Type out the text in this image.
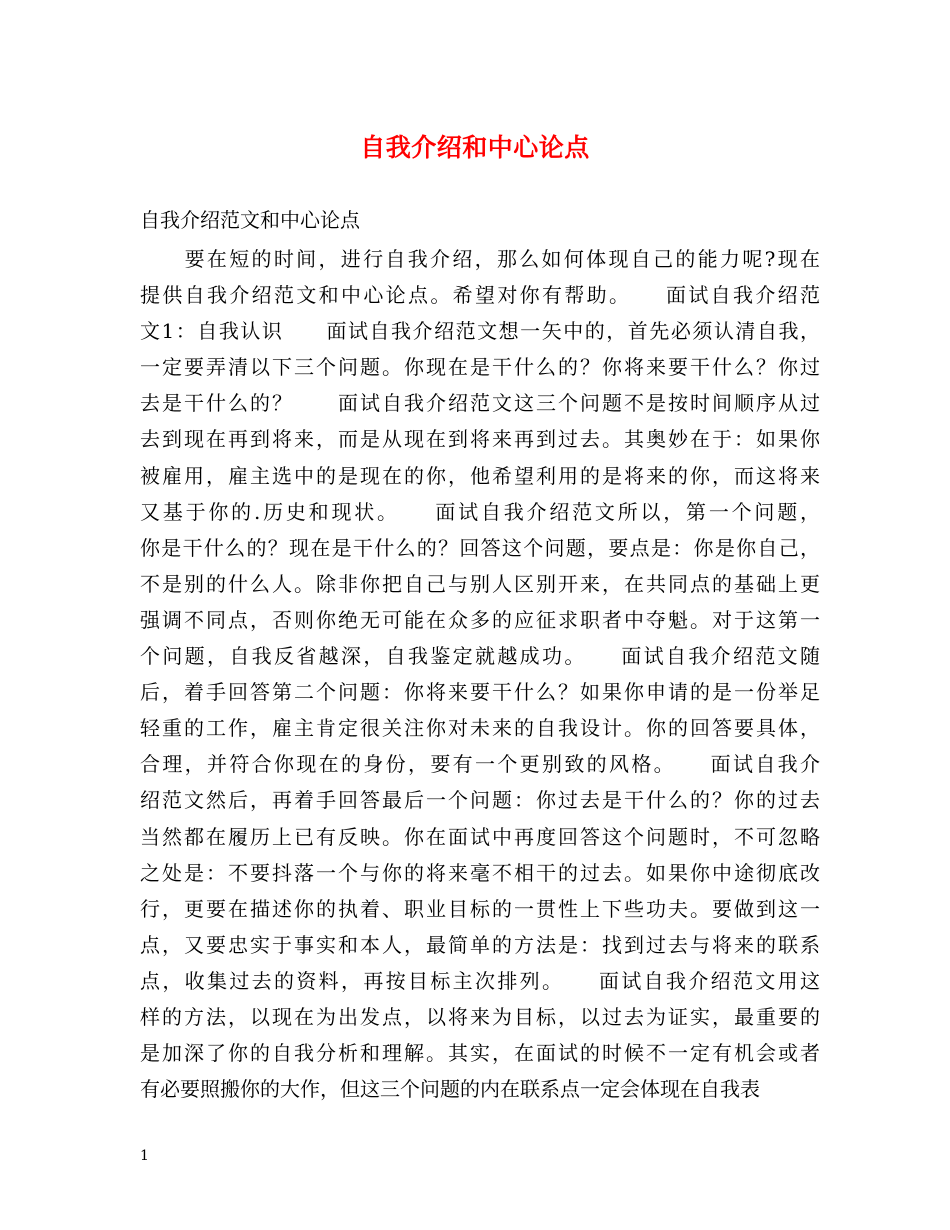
自我介绍和中心论点
自我介绍范文和中心论点
　　要在短的时间，进行自我介绍，那么如何体现自己的能力呢?现在
提供自我介绍范文和中心论点。希望对你有帮助。　　面试自我介绍范
文1：自我认识　　面试自我介绍范文想一矢中的，首先必须认清自我，
一定要弄清以下三个问题。你现在是干什么的？你将来要干什么？你过
去是干什么的？　　面试自我介绍范文这三个问题不是按时间顺序从过
去到现在再到将来，而是从现在到将来再到过去。其奥妙在于：如果你
被雇用，雇主选中的是现在的你，他希望利用的是将来的你，而这将来
又基于你的.历史和现状。　　面试自我介绍范文所以，第一个问题，
你是干什么的？现在是干什么的？回答这个问题，要点是：你是你自己，
不是别的什么人。除非你把自己与别人区别开来，在共同点的基础上更
强调不同点，否则你绝无可能在众多的应征求职者中夺魁。对于这第一
个问题，自我反省越深，自我鉴定就越成功。　　面试自我介绍范文随
后，着手回答第二个问题：你将来要干什么？如果你申请的是一份举足
轻重的工作，雇主肯定很关注你对未来的自我设计。你的回答要具体，
合理，并符合你现在的身份，要有一个更别致的风格。　　面试自我介
绍范文然后，再着手回答最后一个问题：你过去是干什么的？你的过去
当然都在履历上已有反映。你在面试中再度回答这个问题时，不可忽略
之处是：不要抖落一个与你的将来毫不相干的过去。如果你中途彻底改
行，更要在描述你的执着、职业目标的一贯性上下些功夫。要做到这一
点，又要忠实于事实和本人，最简单的方法是：找到过去与将来的联系
点，收集过去的资料，再按目标主次排列。　　面试自我介绍范文用这
样的方法，以现在为出发点，以将来为目标，以过去为证实，最重要的
是加深了你的自我分析和理解。其实，在面试的时候不一定有机会或者
有必要照搬你的大作，但这三个问题的内在联系点一定会体现在自我表
1
